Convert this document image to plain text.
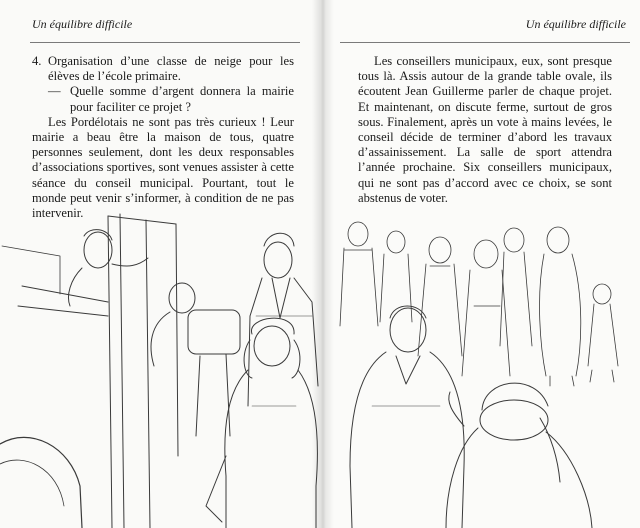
Un équilibre difficile
4. Organisation d’une classe de neige pour les élèves de l’école primaire.
— Quelle somme d’argent donnera la mairie pour faciliter ce projet ?

Les Pordélotais ne sont pas très curieux ! Leur mairie a beau être la maison de tous, quatre personnes seulement, dont les deux responsables d’associations sportives, sont venues assister à cette séance du conseil municipal. Pourtant, tout le monde peut venir s’informer, à condition de ne pas intervenir.

Un équilibre difficile

Les conseillers municipaux, eux, sont presque tous là. Assis autour de la grande table ovale, ils écoutent Jean Guillerme parler de chaque projet. Et maintenant, on discute ferme, surtout de gros sous. Finalement, après un vote à mains levées, le conseil décide de terminer d’abord les travaux d’assainissement. La salle de sport attendra l’année prochaine. Six conseillers municipaux, qui ne sont pas d’accord avec ce choix, se sont abstenus de voter.
